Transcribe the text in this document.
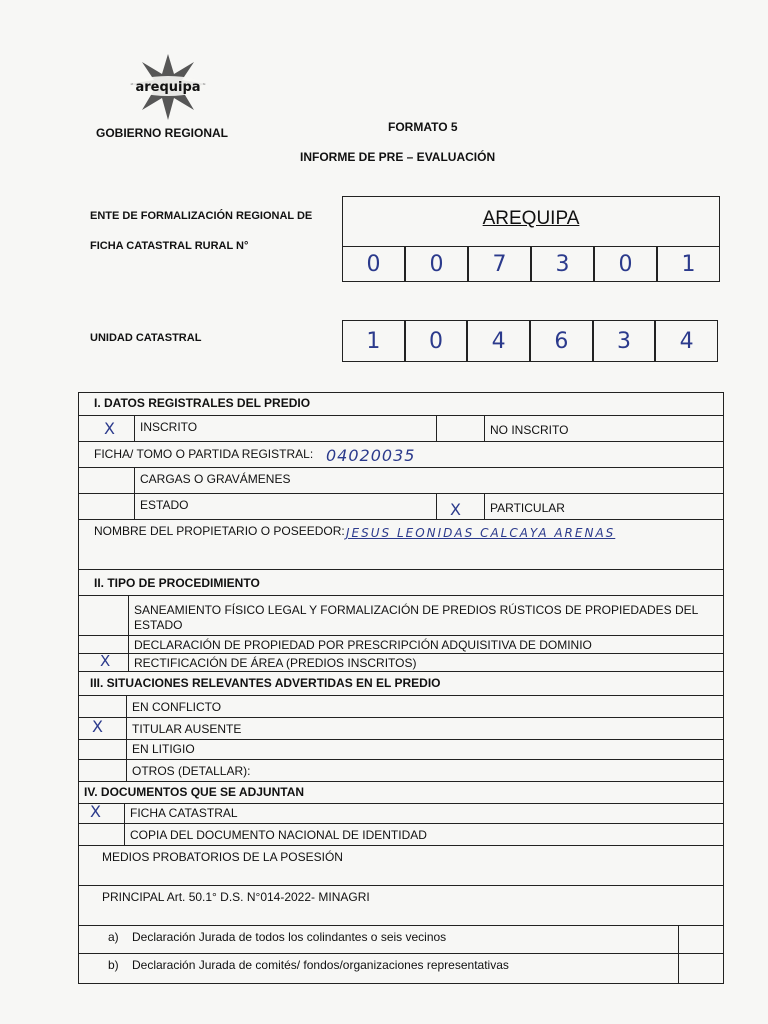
arequipa
GOBIERNO REGIONAL	FORMATO 5
INFORME DE PRE – EVALUACIÓN
ENTE DE FORMALIZACIÓN REGIONAL DE
FICHA CATASTRAL RURAL N°
AREQUIPA
0 0 7 3 0 1
UNIDAD CATASTRAL	1 0 4 6 3 4
I. DATOS REGISTRALES DEL PREDIO
X INSCRITO	NO INSCRITO
FICHA/ TOMO O PARTIDA REGISTRAL: 04020035
CARGAS O GRAVÁMENES
ESTADO	X PARTICULAR
NOMBRE DEL PROPIETARIO O POSEEDOR: JESUS LEONIDAS CALCAYA ARENAS
II. TIPO DE PROCEDIMIENTO
SANEAMIENTO FÍSICO LEGAL Y FORMALIZACIÓN DE PREDIOS RÚSTICOS DE PROPIEDADES DEL
ESTADO
DECLARACIÓN DE PROPIEDAD POR PRESCRIPCIÓN ADQUISITIVA DE DOMINIO
X RECTIFICACIÓN DE ÁREA (PREDIOS INSCRITOS)
III. SITUACIONES RELEVANTES ADVERTIDAS EN EL PREDIO
EN CONFLICTO
X TITULAR AUSENTE
EN LITIGIO
OTROS (DETALLAR):
IV. DOCUMENTOS QUE SE ADJUNTAN
X FICHA CATASTRAL
COPIA DEL DOCUMENTO NACIONAL DE IDENTIDAD
MEDIOS PROBATORIOS DE LA POSESIÓN
PRINCIPAL Art. 50.1° D.S. N°014-2022- MINAGRI
a) Declaración Jurada de todos los colindantes o seis vecinos
b) Declaración Jurada de comités/ fondos/organizaciones representativas
